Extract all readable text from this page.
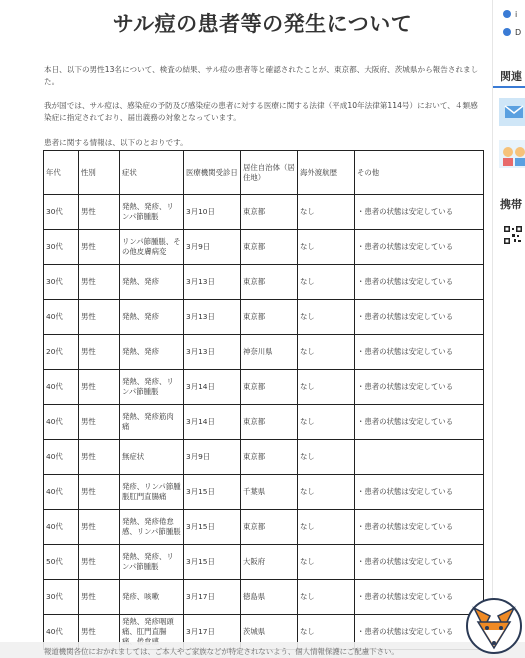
サル痘の患者等の発生について
本日、以下の男性13名について、検査の結果、サル痘の患者等と確認されたことが、東京都、大阪府、茨城県から報告されました。
我が国では、サル痘は、感染症の予防及び感染症の患者に対する医療に関する法律（平成10年法律第114号）において、４類感染症に指定されており、届出義務の対象となっています。
患者に関する情報は、以下のとおりです。
年代	性別	症状	医療機関受診日	居住自治体（居住地）	海外渡航歴	その他
30代	男性	発熱、発疹、リンパ節腫脹	3月10日	東京都	なし	・患者の状態は安定している
30代	男性	リンパ節腫脹、その他皮膚病変	3月9日	東京都	なし	・患者の状態は安定している
30代	男性	発熱、発疹	3月13日	東京都	なし	・患者の状態は安定している
40代	男性	発熱、発疹	3月13日	東京都	なし	・患者の状態は安定している
20代	男性	発熱、発疹	3月13日	神奈川県	なし	・患者の状態は安定している
40代	男性	発熱、発疹、リンパ節腫脹	3月14日	東京都	なし	・患者の状態は安定している
40代	男性	発熱、発疹筋肉痛	3月14日	東京都	なし	・患者の状態は安定している
40代	男性	無症状	3月9日	東京都	なし	
40代	男性	発疹、リンパ節腫脹肛門直腸痛	3月15日	千葉県	なし	・患者の状態は安定している
40代	男性	発熱、発疹倦怠感、リンパ節腫脹	3月15日	東京都	なし	・患者の状態は安定している
50代	男性	発熱、発疹、リンパ節腫脹	3月15日	大阪府	なし	・患者の状態は安定している
30代	男性	発疹、咳嗽	3月17日	徳島県	なし	・患者の状態は安定している
40代	男性	発熱、発疹咽頭痛、肛門直腸	3月17日	茨城県	なし	・患者の状態は安定している
i
D
関連
携帯
報道機関各位におかれましては、ご本人やご家族などが特定されないよう、個人情報保護にご配慮下さい。
